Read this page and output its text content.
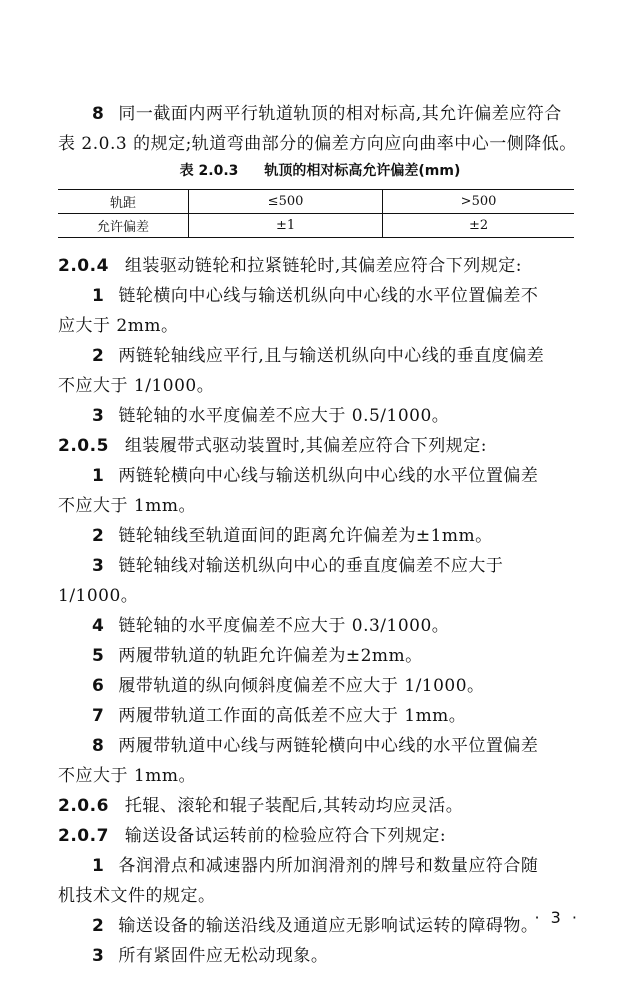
8 同一截面内两平行轨道轨顶的相对标高,其允许偏差应符合
表 2.0.3 的规定;轨道弯曲部分的偏差方向应向曲率中心一侧降低。
表 2.0.3 轨顶的相对标高允许偏差(mm)
轨距	≤500	>500
允许偏差	±1	±2
2.0.4 组装驱动链轮和拉紧链轮时,其偏差应符合下列规定:
1 链轮横向中心线与输送机纵向中心线的水平位置偏差不
应大于 2mm。
2 两链轮轴线应平行,且与输送机纵向中心线的垂直度偏差
不应大于 1/1000。
3 链轮轴的水平度偏差不应大于 0.5/1000。
2.0.5 组装履带式驱动装置时,其偏差应符合下列规定:
1 两链轮横向中心线与输送机纵向中心线的水平位置偏差
不应大于 1mm。
2 链轮轴线至轨道面间的距离允许偏差为±1mm。
3 链轮轴线对输送机纵向中心的垂直度偏差不应大于
1/1000。
4 链轮轴的水平度偏差不应大于 0.3/1000。
5 两履带轨道的轨距允许偏差为±2mm。
6 履带轨道的纵向倾斜度偏差不应大于 1/1000。
7 两履带轨道工作面的高低差不应大于 1mm。
8 两履带轨道中心线与两链轮横向中心线的水平位置偏差
不应大于 1mm。
2.0.6 托辊、滚轮和辊子装配后,其转动均应灵活。
2.0.7 输送设备试运转前的检验应符合下列规定:
1 各润滑点和减速器内所加润滑剂的牌号和数量应符合随
机技术文件的规定。
2 输送设备的输送沿线及通道应无影响试运转的障碍物。
3 所有紧固件应无松动现象。
· 3 ·
